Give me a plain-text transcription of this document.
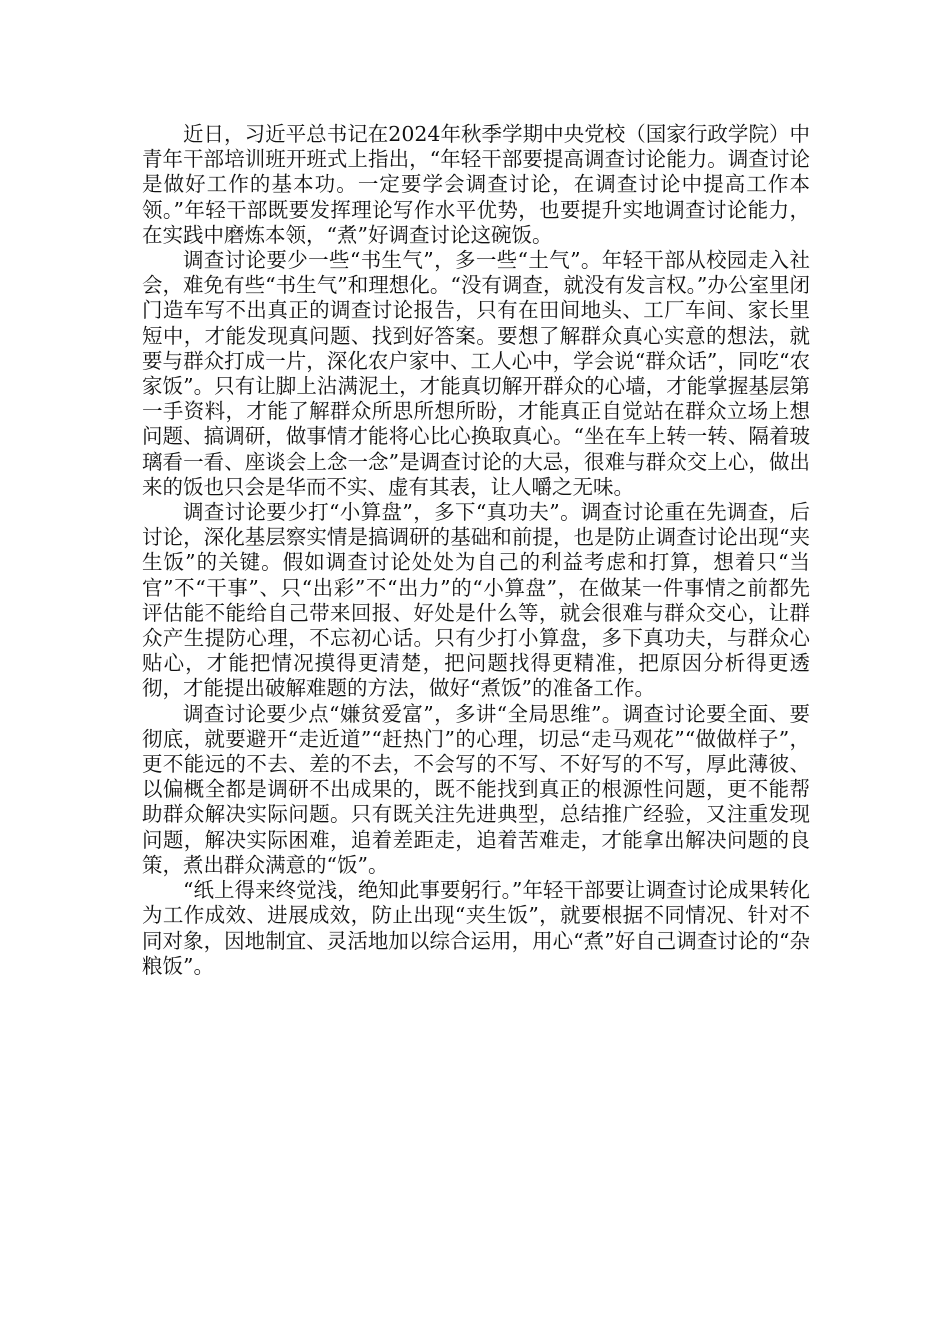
近日，习近平总书记在2024年秋季学期中央党校（国家行政学院）中青年干部培训班开班式上指出，“年轻干部要提高调查讨论能力。调查讨论是做好工作的基本功。一定要学会调查讨论，在调查讨论中提高工作本领。”年轻干部既要发挥理论写作水平优势，也要提升实地调查讨论能力，在实践中磨炼本领，“煮”好调查讨论这碗饭。

调查讨论要少一些“书生气”，多一些“土气”。年轻干部从校园走入社会，难免有些“书生气”和理想化。“没有调查，就没有发言权。”办公室里闭门造车写不出真正的调查讨论报告，只有在田间地头、工厂车间、家长里短中，才能发现真问题、找到好答案。要想了解群众真心实意的想法，就要与群众打成一片，深化农户家中、工人心中，学会说“群众话”，同吃“农家饭”。只有让脚上沾满泥土，才能真切解开群众的心墙，才能掌握基层第一手资料，才能了解群众所思所想所盼，才能真正自觉站在群众立场上想问题、搞调研，做事情才能将心比心换取真心。“坐在车上转一转、隔着玻璃看一看、座谈会上念一念”是调查讨论的大忌，很难与群众交上心，做出来的饭也只会是华而不实、虚有其表，让人嚼之无味。

调查讨论要少打“小算盘”，多下“真功夫”。调查讨论重在先调查，后讨论，深化基层察实情是搞调研的基础和前提，也是防止调查讨论出现“夹生饭”的关键。假如调查讨论处处为自己的利益考虑和打算，想着只“当官”不“干事”、只“出彩”不“出力”的“小算盘”，在做某一件事情之前都先评估能不能给自己带来回报、好处是什么等，就会很难与群众交心，让群众产生提防心理，不忘初心话。只有少打小算盘，多下真功夫，与群众心贴心，才能把情况摸得更清楚，把问题找得更精准，把原因分析得更透彻，才能提出破解难题的方法，做好“煮饭”的准备工作。

调查讨论要少点“嫌贫爱富”，多讲“全局思维”。调查讨论要全面、要彻底，就要避开“走近道”“赶热门”的心理，切忌“走马观花”“做做样子”，更不能远的不去、差的不去，不会写的不写、不好写的不写，厚此薄彼、以偏概全都是调研不出成果的，既不能找到真正的根源性问题，更不能帮助群众解决实际问题。只有既关注先进典型，总结推广经验，又注重发现问题，解决实际困难，追着差距走，追着苦难走，才能拿出解决问题的良策，煮出群众满意的“饭”。

“纸上得来终觉浅，绝知此事要躬行。”年轻干部要让调查讨论成果转化为工作成效、进展成效，防止出现“夹生饭”，就要根据不同情况、针对不同对象，因地制宜、灵活地加以综合运用，用心“煮”好自己调查讨论的“杂粮饭”。
